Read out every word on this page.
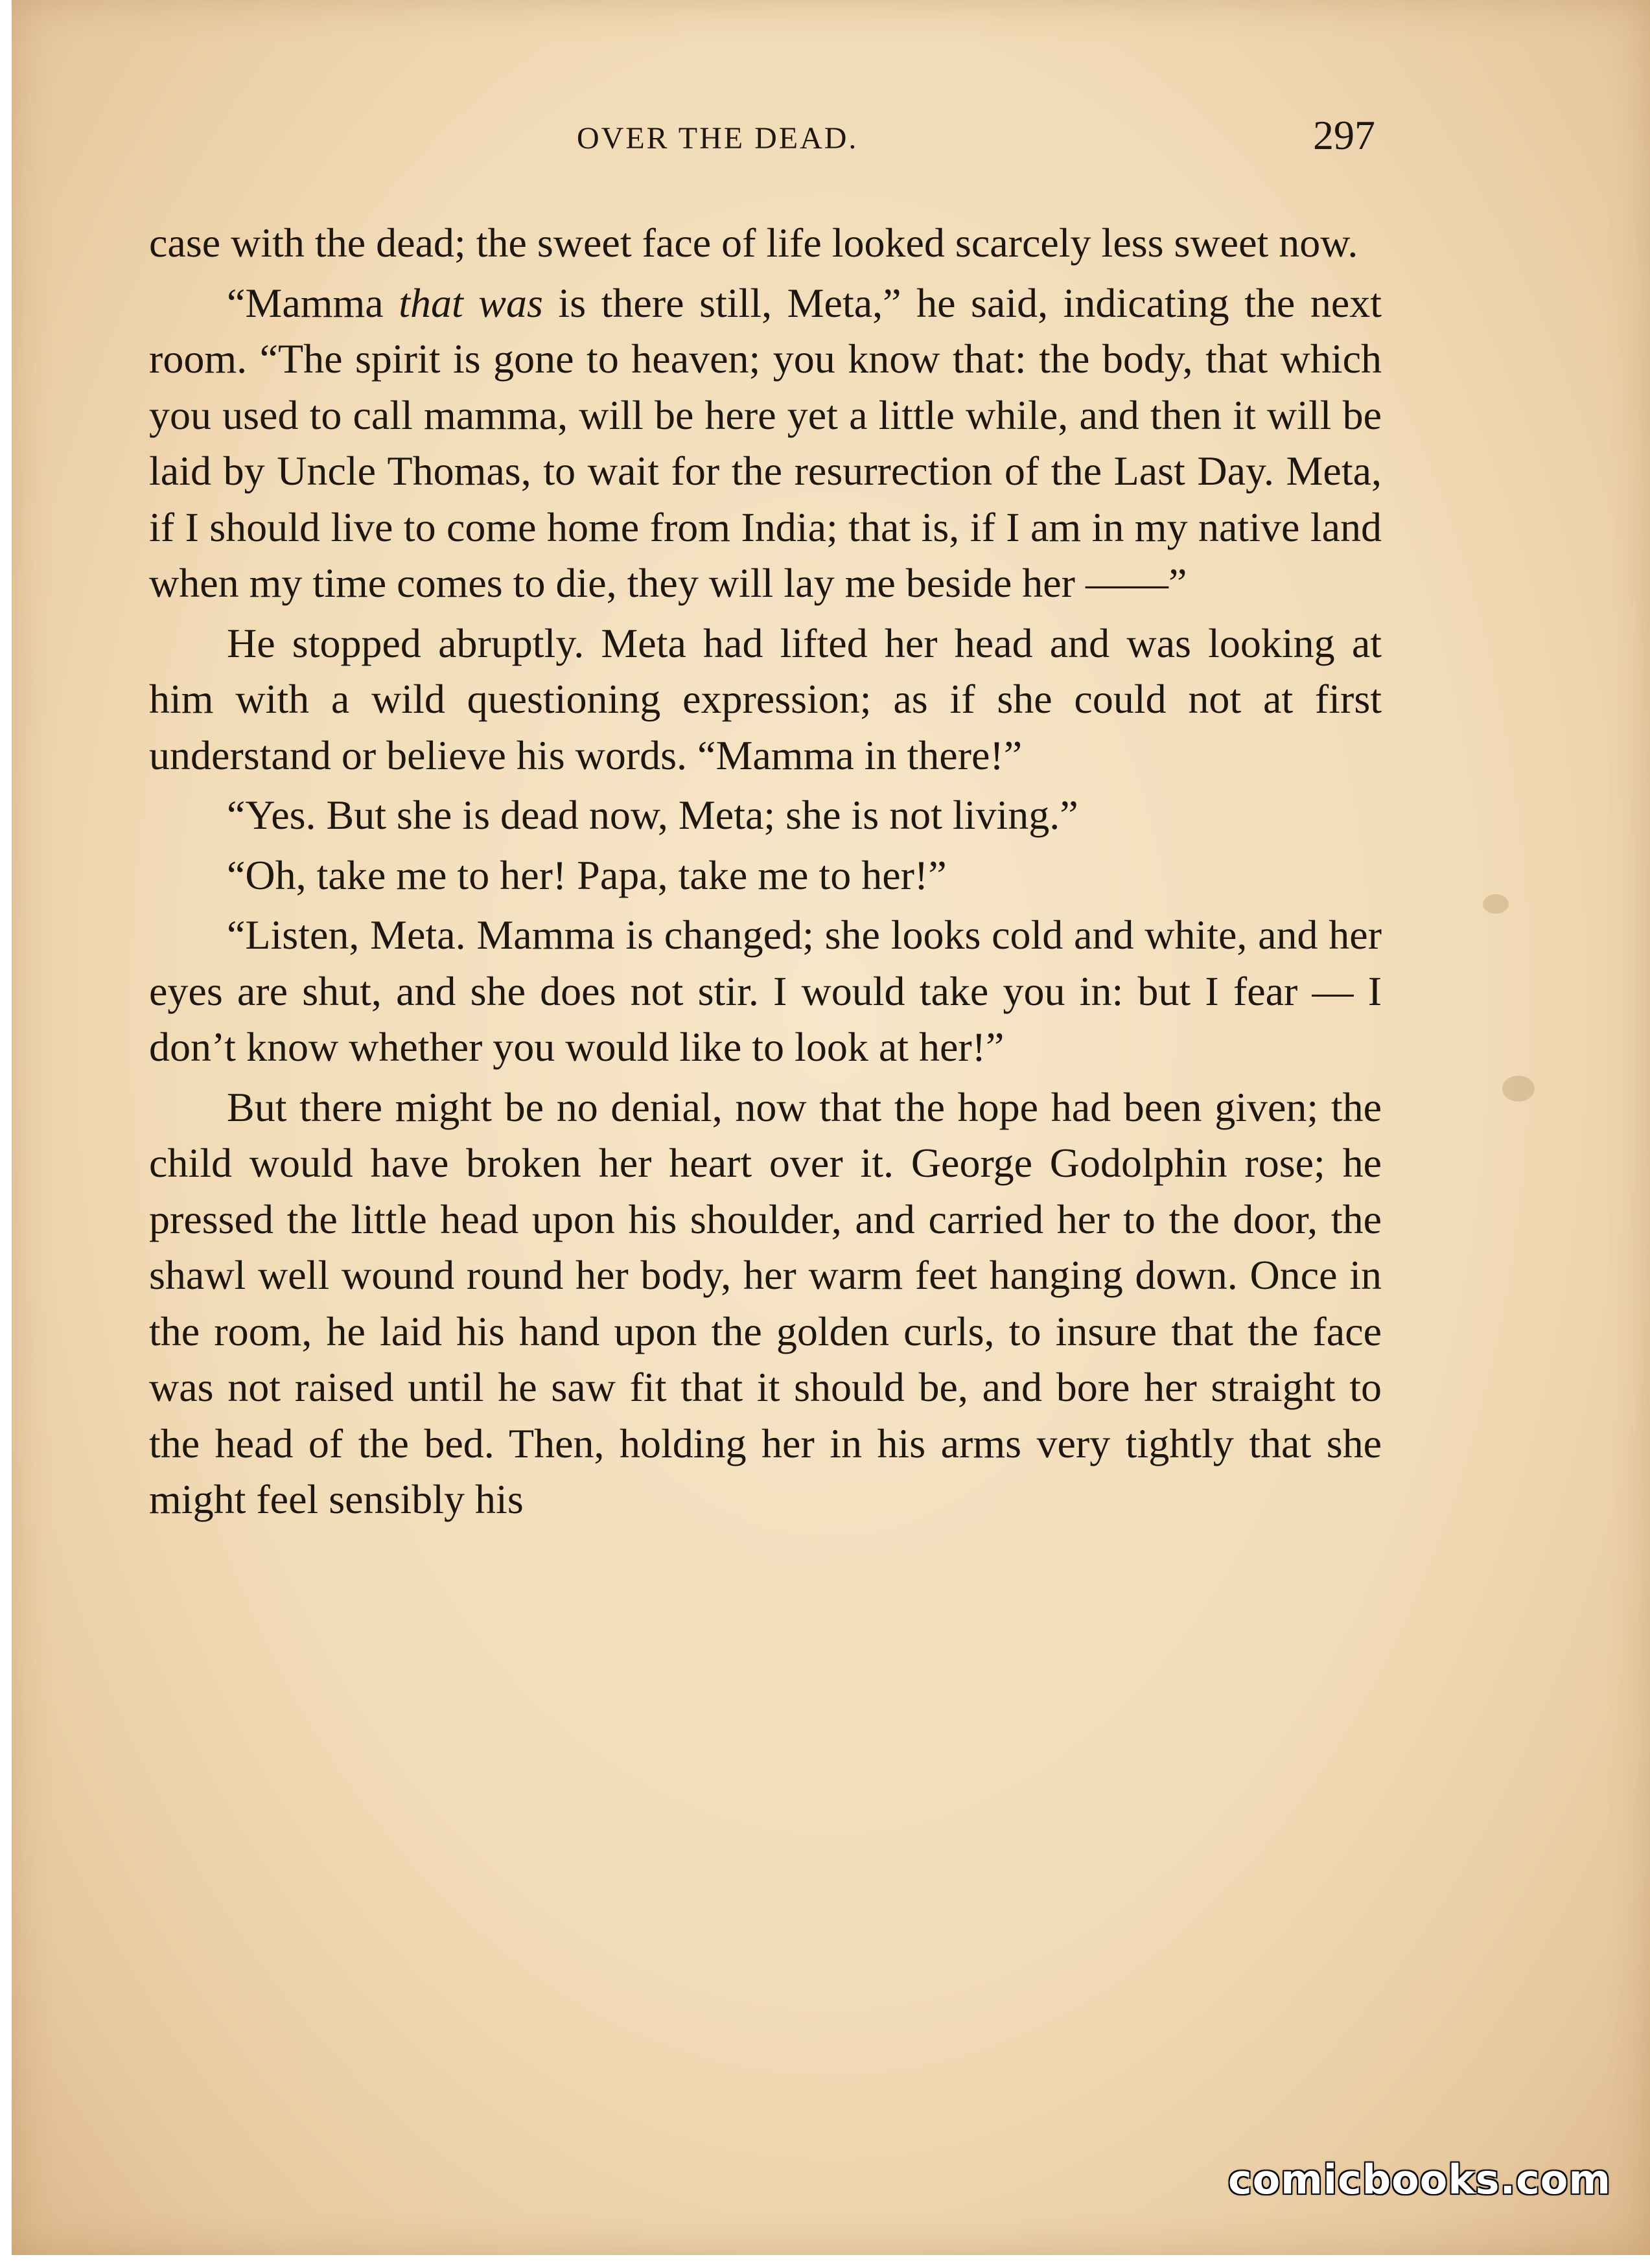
OVER THE DEAD.	297

case with the dead; the sweet face of life looked scarcely less sweet now.

“Mamma that was is there still, Meta,” he said, indicating the next room. “The spirit is gone to heaven; you know that: the body, that which you used to call mamma, will be here yet a little while, and then it will be laid by Uncle Thomas, to wait for the resurrection of the Last Day. Meta, if I should live to come home from India; that is, if I am in my native land when my time comes to die, they will lay me beside her ——”

He stopped abruptly. Meta had lifted her head and was looking at him with a wild questioning expression; as if she could not at first understand or believe his words. “Mamma in there!”

“Yes. But she is dead now, Meta; she is not living.”

“Oh, take me to her! Papa, take me to her!”

“Listen, Meta. Mamma is changed; she looks cold and white, and her eyes are shut, and she does not stir. I would take you in: but I fear — I don’t know whether you would like to look at her!”

But there might be no denial, now that the hope had been given; the child would have broken her heart over it. George Godolphin rose; he pressed the little head upon his shoulder, and carried her to the door, the shawl well wound round her body, her warm feet hanging down. Once in the room, he laid his hand upon the golden curls, to insure that the face was not raised until he saw fit that it should be, and bore her straight to the head of the bed. Then, holding her in his arms very tightly that she might feel sensibly his

comicbooks.com
